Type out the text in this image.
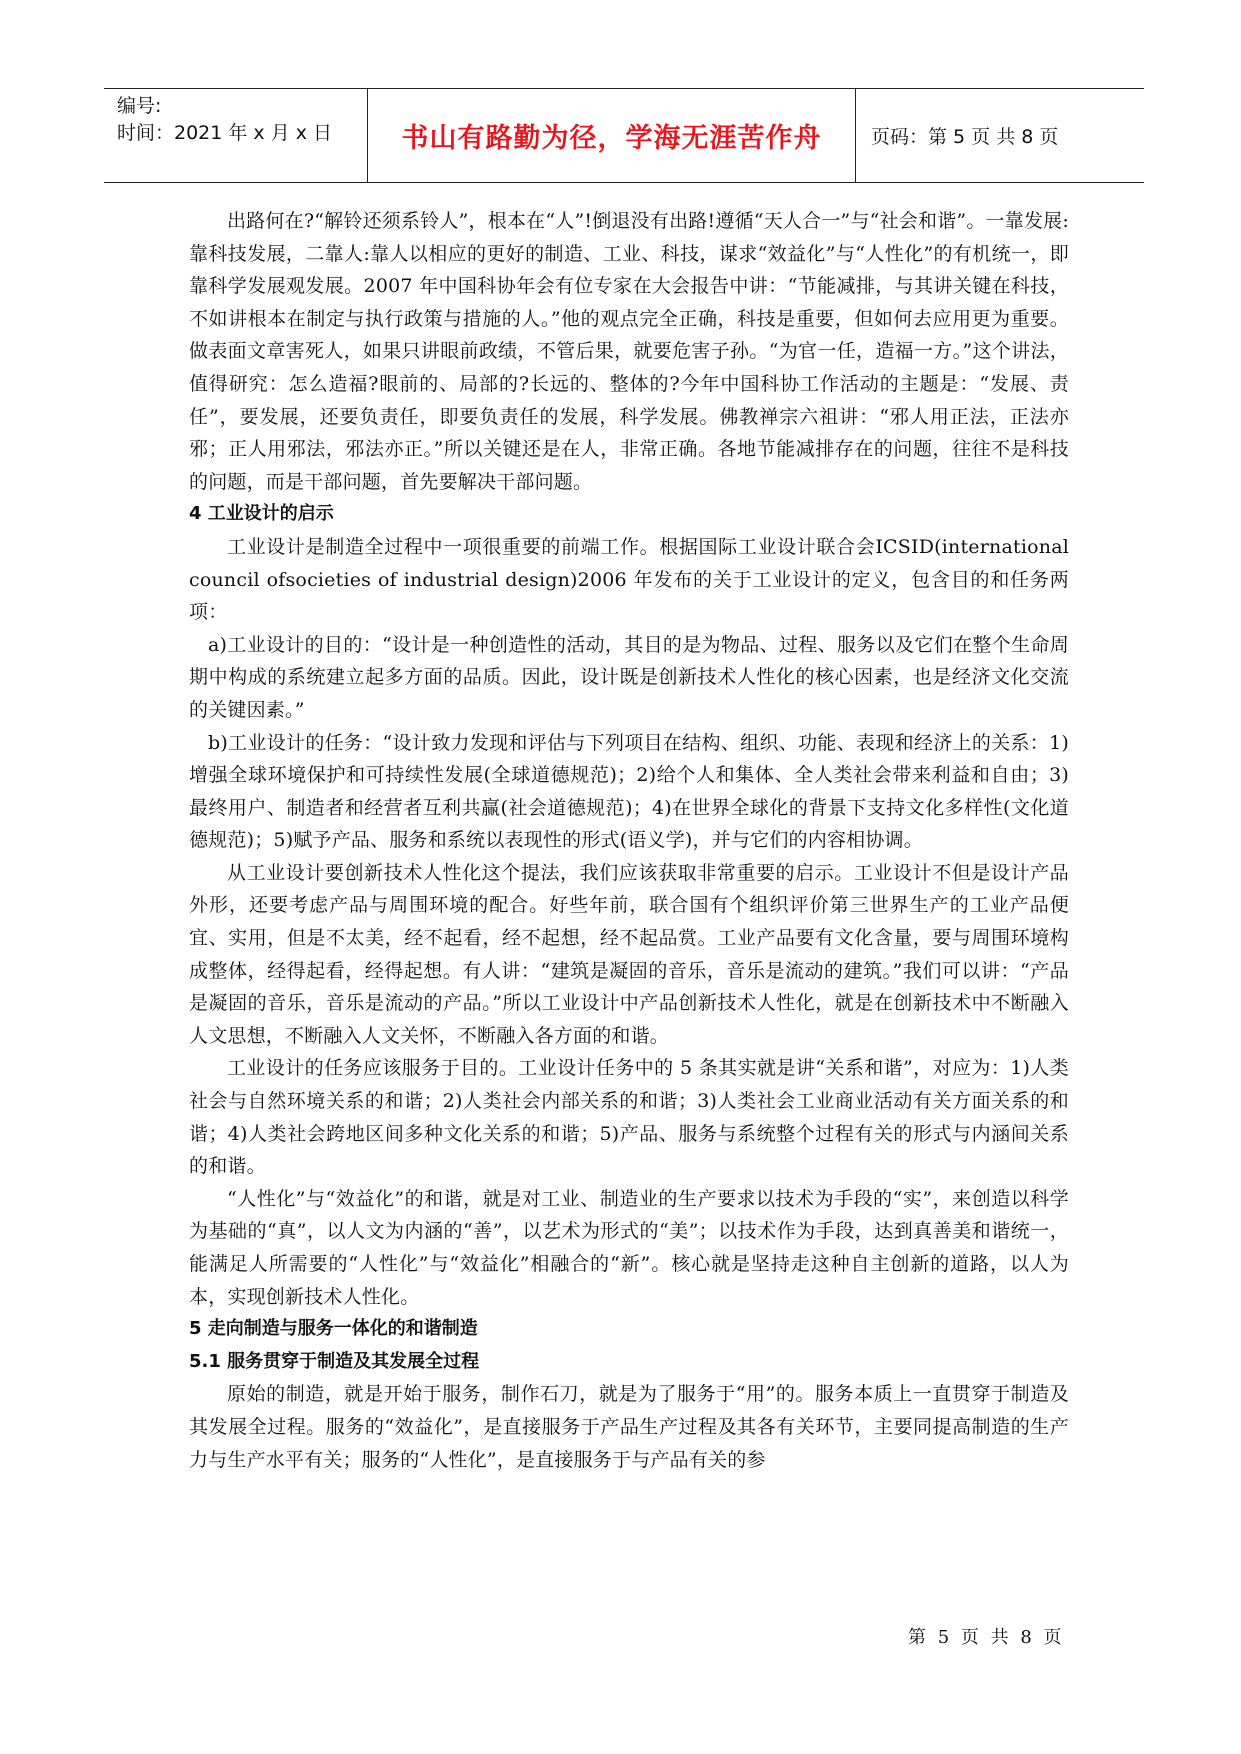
编号:
时间：2021 年 x 月 x 日	书山有路勤为径，学海无涯苦作舟	页码：第 5 页 共 8 页

出路何在?“解铃还须系铃人”，根本在“人”!倒退没有出路!遵循“天人合一”与“社会和谐”。一靠发展:靠科技发展，二靠人:靠人以相应的更好的制造、工业、科技，谋求“效益化”与“人性化”的有机统一，即靠科学发展观发展。2007 年中国科协年会有位专家在大会报告中讲：“节能减排，与其讲关键在科技，不如讲根本在制定与执行政策与措施的人。”他的观点完全正确，科技是重要，但如何去应用更为重要。做表面文章害死人，如果只讲眼前政绩，不管后果，就要危害子孙。“为官一任，造福一方。”这个讲法，值得研究：怎么造福?眼前的、局部的?长远的、整体的?今年中国科协工作活动的主题是：“发展、责任”，要发展，还要负责任，即要负责任的发展，科学发展。佛教禅宗六祖讲：“邪人用正法，正法亦邪；正人用邪法，邪法亦正。”所以关键还是在人，非常正确。各地节能减排存在的问题，往往不是科技的问题，而是干部问题，首先要解决干部问题。

4 工业设计的启示

工业设计是制造全过程中一项很重要的前端工作。根据国际工业设计联合会ICSID(international council ofsocieties of industrial design)2006 年发布的关于工业设计的定义，包含目的和任务两项：

a)工业设计的目的：“设计是一种创造性的活动，其目的是为物品、过程、服务以及它们在整个生命周期中构成的系统建立起多方面的品质。因此，设计既是创新技术人性化的核心因素，也是经济文化交流的关键因素。”

b)工业设计的任务：“设计致力发现和评估与下列项目在结构、组织、功能、表现和经济上的关系：1)增强全球环境保护和可持续性发展(全球道德规范)；2)给个人和集体、全人类社会带来利益和自由；3)最终用户、制造者和经营者互利共赢(社会道德规范)；4)在世界全球化的背景下支持文化多样性(文化道德规范)；5)赋予产品、服务和系统以表现性的形式(语义学)，并与它们的内容相协调。

从工业设计要创新技术人性化这个提法，我们应该获取非常重要的启示。工业设计不但是设计产品外形，还要考虑产品与周围环境的配合。好些年前，联合国有个组织评价第三世界生产的工业产品便宜、实用，但是不太美，经不起看，经不起想，经不起品赏。工业产品要有文化含量，要与周围环境构成整体，经得起看，经得起想。有人讲：“建筑是凝固的音乐，音乐是流动的建筑。”我们可以讲：“产品是凝固的音乐，音乐是流动的产品。”所以工业设计中产品创新技术人性化，就是在创新技术中不断融入人文思想，不断融入人文关怀，不断融入各方面的和谐。

工业设计的任务应该服务于目的。工业设计任务中的 5 条其实就是讲“关系和谐”，对应为：1)人类社会与自然环境关系的和谐；2)人类社会内部关系的和谐；3)人类社会工业商业活动有关方面关系的和谐；4)人类社会跨地区间多种文化关系的和谐；5)产品、服务与系统整个过程有关的形式与内涵间关系的和谐。

“人性化”与“效益化”的和谐，就是对工业、制造业的生产要求以技术为手段的“实”，来创造以科学为基础的“真”，以人文为内涵的“善”，以艺术为形式的“美”；以技术作为手段，达到真善美和谐统一，能满足人所需要的“人性化”与“效益化”相融合的“新”。核心就是坚持走这种自主创新的道路，以人为本，实现创新技术人性化。

5 走向制造与服务一体化的和谐制造

5.1 服务贯穿于制造及其发展全过程

原始的制造，就是开始于服务，制作石刀，就是为了服务于“用”的。服务本质上一直贯穿于制造及其发展全过程。服务的“效益化”，是直接服务于产品生产过程及其各有关环节，主要同提高制造的生产力与生产水平有关；服务的“人性化”，是直接服务于与产品有关的参

第 5 页 共 8 页
